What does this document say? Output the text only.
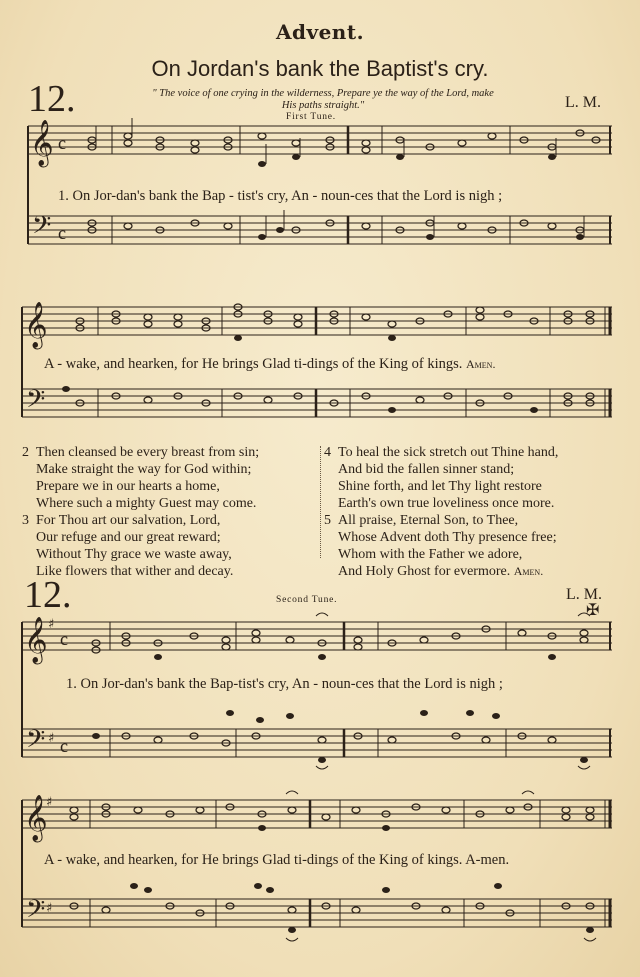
Advent.
On Jordan's bank the Baptist's cry.
12.	" The voice of one crying in the wilderness, Prepare ye the way of the Lord, make
His paths straight."	L. M.
First Tune.
𝄞 c
𝄢 c
1. On Jor-dan's bank the Bap - tist's cry, An - noun-ces that the Lord is nigh ;
𝄞
𝄢
A - wake, and hearken, for He brings Glad ti-dings of the King of kings. Amen.
2 Then cleansed be every breast from sin;
Make straight the way for God within;
Prepare we in our hearts a home,
Where such a mighty Guest may come.
3 For Thou art our salvation, Lord,
Our refuge and our great reward;
Without Thy grace we waste away,
Like flowers that wither and decay.
4 To heal the sick stretch out Thine hand,
And bid the fallen sinner stand;
Shine forth, and let Thy light restore
Earth's own true loveliness once more.
5 All praise, Eternal Son, to Thee,
Whose Advent doth Thy presence free;
Whom with the Father we adore,
And Holy Ghost for evermore. Amen.
12.	Second Tune.	L. M.
✠
𝄞 ♯
c
𝄢 ♯ c
1. On Jor-dan's bank the Bap-tist's cry, An - noun-ces that the Lord is nigh ;
𝄞
♯
𝄢 ♯
A - wake, and hearken, for He brings Glad ti-dings of the King of kings. A-men.
